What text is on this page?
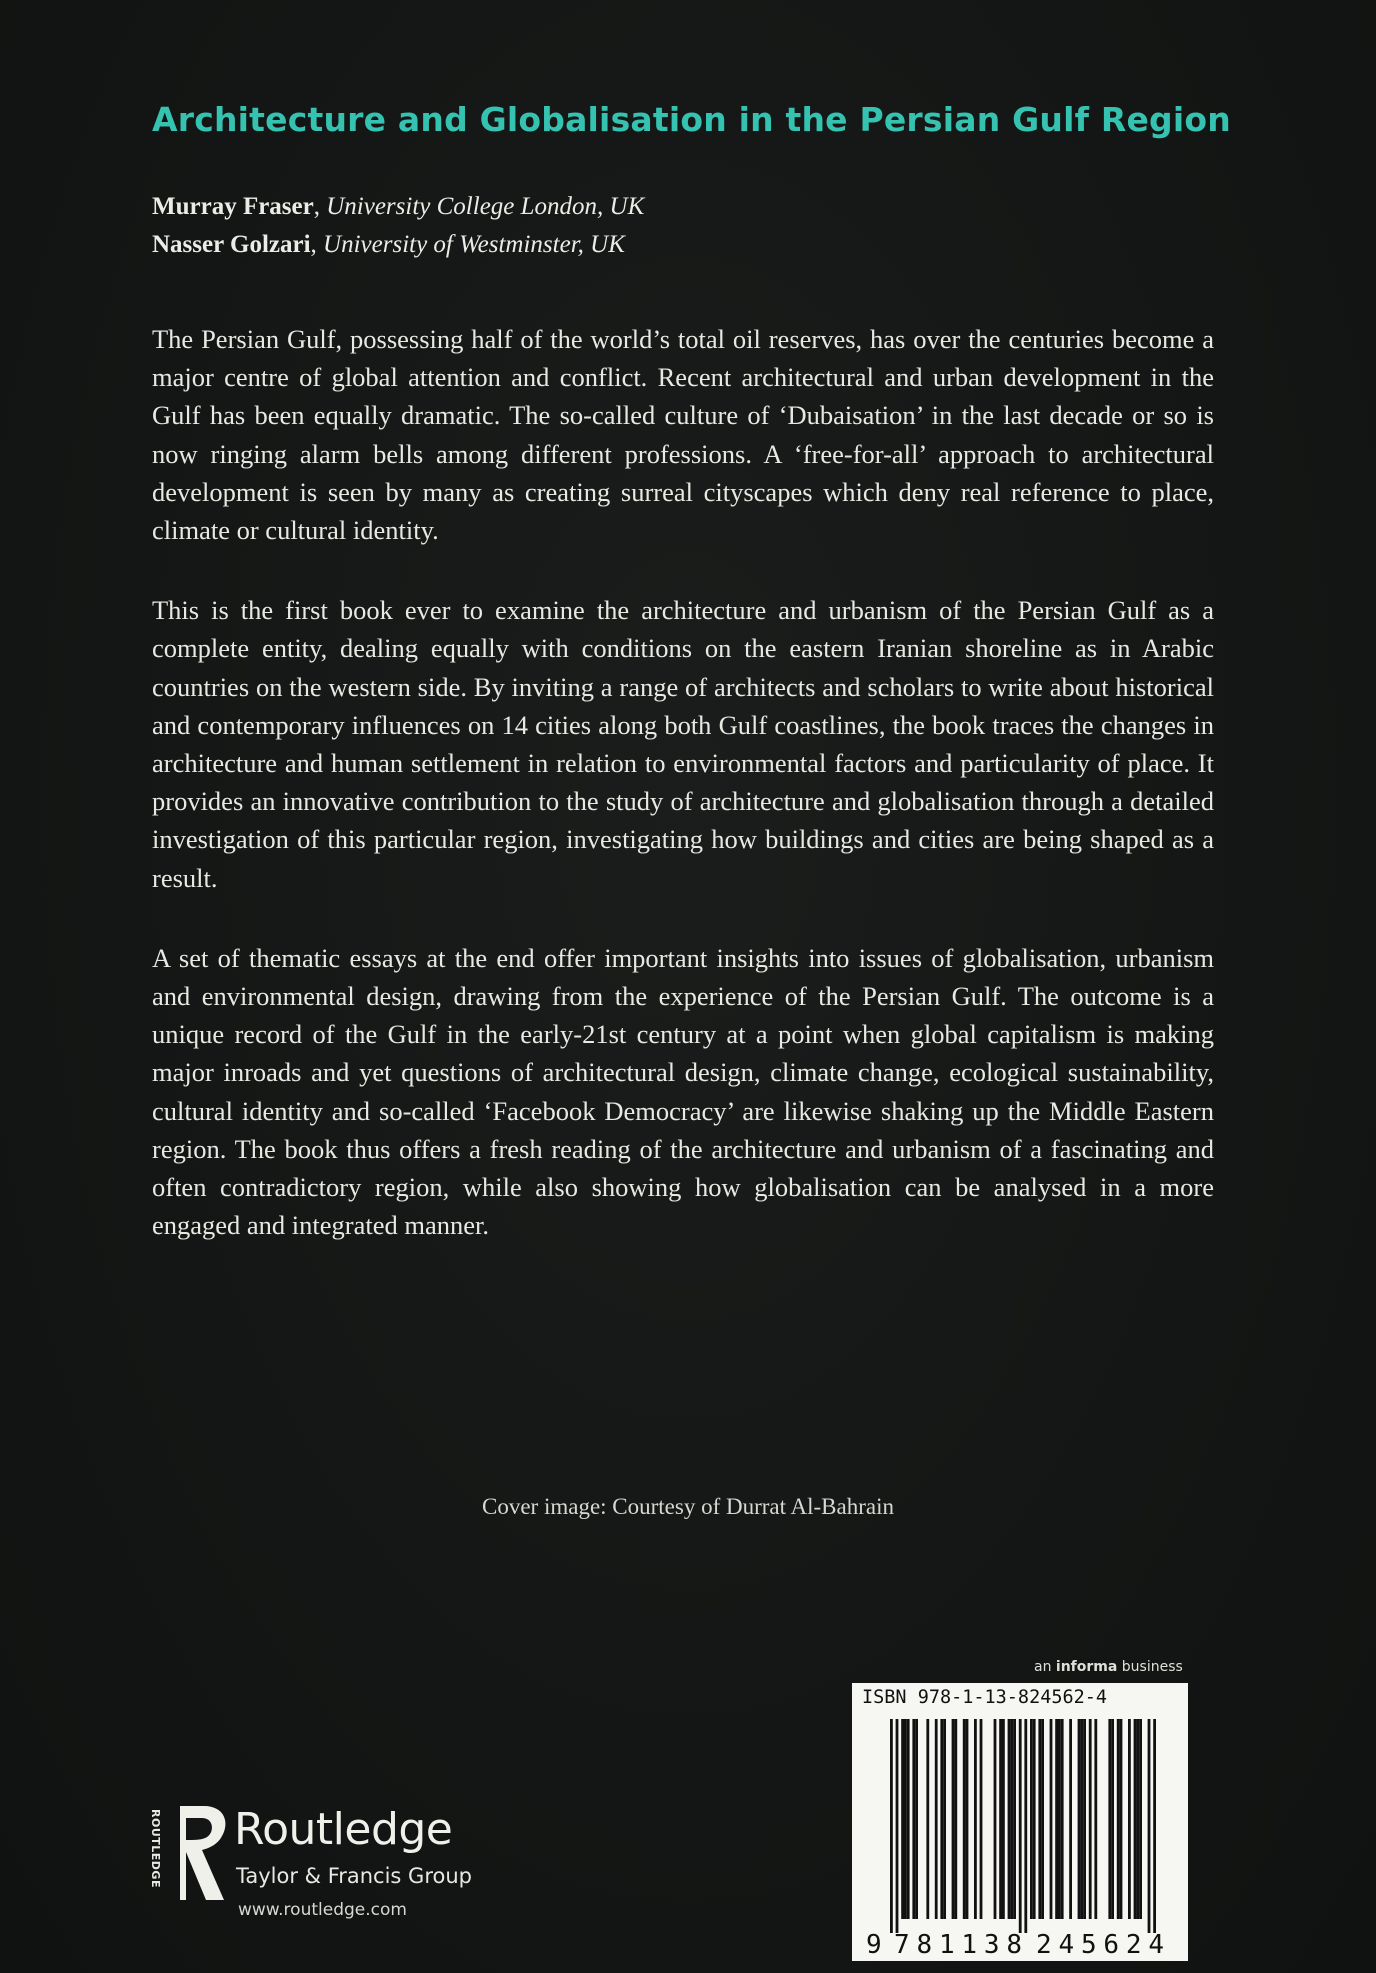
Architecture and Globalisation in the Persian Gulf Region
Murray Fraser, University College London, UK
Nasser Golzari, University of Westminster, UK

The Persian Gulf, possessing half of the world’s total oil reserves, has over the centuries become a major centre of global attention and conflict. Recent architectural and urban development in the Gulf has been equally dramatic. The so-called culture of ‘Dubaisation’ in the last decade or so is now ringing alarm bells among different professions. A ‘free-for-all’ approach to architectural development is seen by many as creating surreal cityscapes which deny real reference to place, climate or cultural identity.

This is the first book ever to examine the architecture and urbanism of the Persian Gulf as a complete entity, dealing equally with conditions on the eastern Iranian shoreline as in Arabic countries on the western side. By inviting a range of architects and scholars to write about historical and contemporary influences on 14 cities along both Gulf coastlines, the book traces the changes in architecture and human settlement in relation to environmental factors and particularity of place. It provides an innovative contribution to the study of architecture and globalisation through a detailed investigation of this particular region, investigating how buildings and cities are being shaped as a result.

A set of thematic essays at the end offer important insights into issues of globalisation, urbanism and environmental design, drawing from the experience of the Persian Gulf. The outcome is a unique record of the Gulf in the early-21st century at a point when global capitalism is making major inroads and yet questions of architectural design, climate change, ecological sustainability, cultural identity and so-called ‘Facebook Democracy’ are likewise shaking up the Middle Eastern region. The book thus offers a fresh reading of the architecture and urbanism of a fascinating and often contradictory region, while also showing how globalisation can be analysed in a more engaged and integrated manner.

Cover image: Courtesy of Durrat Al-Bahrain
ROUTLEDGE Routledge
Taylor & Francis Group
www.routledge.com
an informa business
ISBN 978-1-13-824562-4
9 781138 245624
